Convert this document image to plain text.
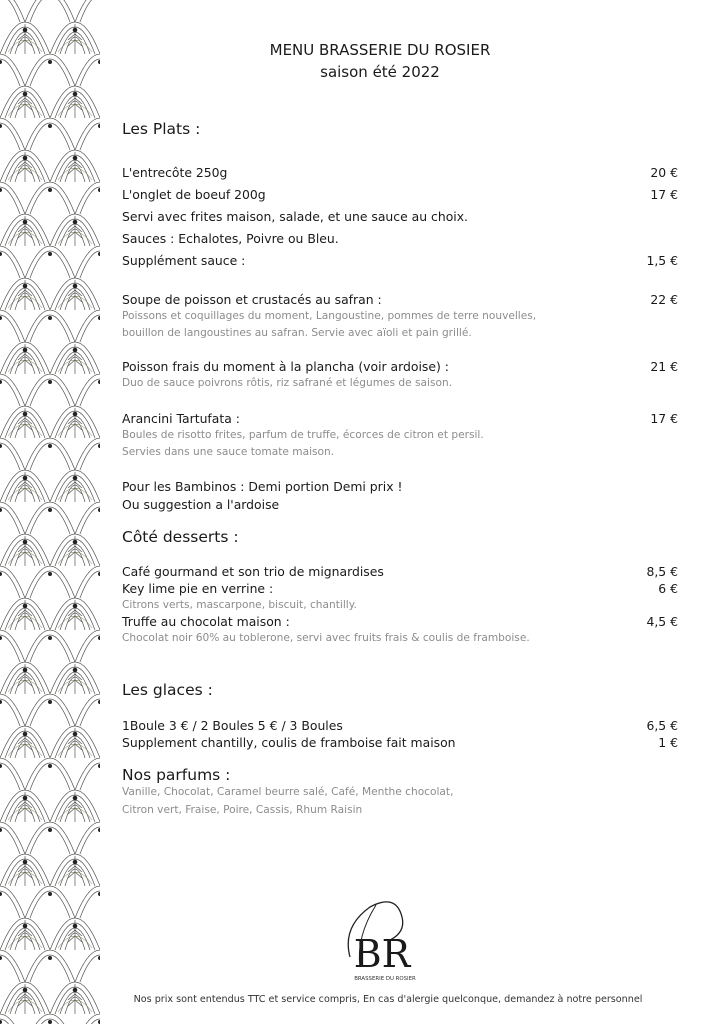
MENU BRASSERIE DU ROSIER
saison été 2022
Les Plats :
L'entrecôte 250g	20 €
L'onglet de boeuf 200g	17 €
Servi avec frites maison, salade, et une sauce au choix.
Sauces : Echalotes, Poivre ou Bleu.
Supplément sauce :	1,5 €
Soupe de poisson et crustacés au safran :	22 €
Poissons et coquillages du moment, Langoustine, pommes de terre nouvelles,
bouillon de langoustines au safran. Servie avec aïoli et pain grillé.
Poisson frais du moment à la plancha (voir ardoise) :	21 €
Duo de sauce poivrons rôtis, riz safrané et légumes de saison.
Arancini Tartufata :	17 €
Boules de risotto frites, parfum de truffe, écorces de citron et persil.
Servies dans une sauce tomate maison.
Pour les Bambinos : Demi portion Demi prix !
Ou suggestion a l'ardoise
Côté desserts :
Café gourmand et son trio de mignardises	8,5 €
Key lime pie en verrine :	6 €
Citrons verts, mascarpone, biscuit, chantilly.
Truffe au chocolat maison :	4,5 €
Chocolat noir 60% au toblerone, servi avec fruits frais & coulis de framboise.
Les glaces :
1Boule 3 € / 2 Boules 5 € / 3 Boules	6,5 €
Supplement chantilly, coulis de framboise fait maison	1 €
Nos parfums :
Vanille, Chocolat, Caramel beurre salé, Café, Menthe chocolat,
Citron vert, Fraise, Poire, Cassis, Rhum Raisin
BR
BRASSERIE DU ROSIER
Nos prix sont entendus TTC et service compris, En cas d'alergie quelconque, demandez à notre personnel
